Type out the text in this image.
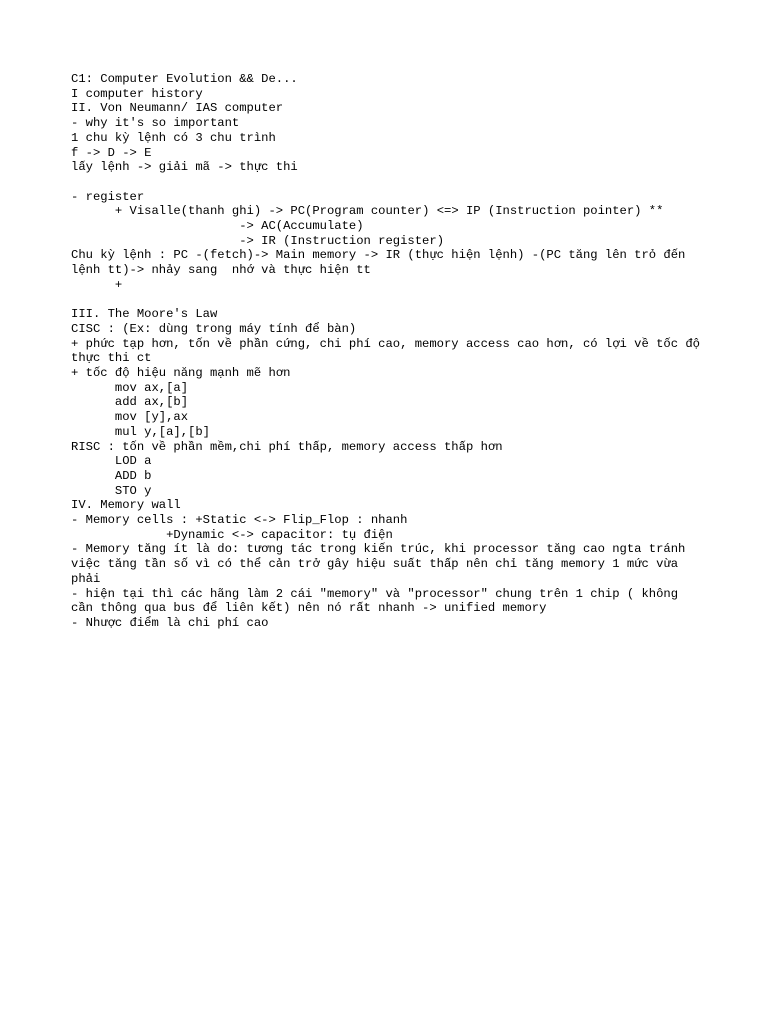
C1: Computer Evolution && De...
I computer history
II. Von Neumann/ IAS computer
- why it's so important
1 chu kỳ lệnh có 3 chu trình
f -> D -> E
lấy lệnh -> giải mã -> thực thi
- register
+ Visalle(thanh ghi) -> PC(Program counter) <=> IP (Instruction pointer) **
-> AC(Accumulate)
-> IR (Instruction register)
Chu kỳ lệnh : PC -(fetch)-> Main memory -> IR (thực hiện lệnh) -(PC tăng lên trỏ đến lệnh tt)-> nhảy sang  nhớ và thực hiện tt
+
III. The Moore's Law
CISC : (Ex: dùng trong máy tính để bàn)
+ phức tạp hơn, tốn về phần cứng, chi phí cao, memory access cao hơn, có lợi về tốc độ thực thi ct
+ tốc độ hiệu năng mạnh mẽ hơn
mov ax,[a]
add ax,[b]
mov [y],ax
mul y,[a],[b]
RISC : tốn về phần mềm,chi phí thấp, memory access thấp hơn
LOD a
ADD b
STO y
IV. Memory wall
- Memory cells : +Static <-> Flip_Flop : nhanh
+Dynamic <-> capacitor: tụ điện
- Memory tăng ít là do: tương tác trong kiến trúc, khi processor tăng cao ngta tránh việc tăng tần số vì có thể cản trở gây hiệu suất thấp nên chỉ tăng memory 1 mức vừa phải
- hiện tại thì các hãng làm 2 cái "memory" và "processor" chung trên 1 chip ( không cần thông qua bus để liên kết) nên nó rất nhanh -> unified memory
- Nhược điểm là chi phí cao
